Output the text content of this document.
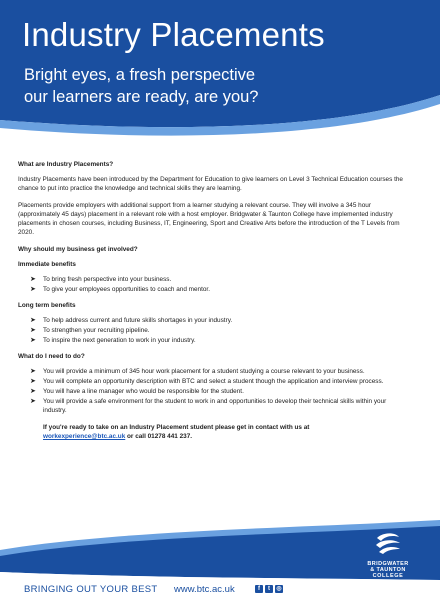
Industry Placements
Bright eyes, a fresh perspective
our learners are ready, are you?
What are Industry Placements?
Industry Placements have been introduced by the Department for Education to give learners on Level 3 Technical Education courses the chance to put into practice the knowledge and technical skills they are learning.
Placements provide employers with additional support from a learner studying a relevant course. They will involve a 345 hour (approximately 45 days) placement in a relevant role with a host employer. Bridgwater & Taunton College have implemented industry placements in chosen courses, including Business, IT, Engineering, Sport and Creative Arts before the introduction of the T Levels from 2020.
Why should my business get involved?
Immediate benefits
➤ To bring fresh perspective into your business.
➤ To give your employees opportunities to coach and mentor.
Long term benefits
➤ To help address current and future skills shortages in your industry.
➤ To strengthen your recruiting pipeline.
➤ To inspire the next generation to work in your industry.
What do I need to do?
➤ You will provide a minimum of 345 hour work placement for a student studying a course relevant to your business.
➤ You will complete an opportunity description with BTC and select a student though the application and interview process.
➤ You will have a line manager who would be responsible for the student.
➤ You will provide a safe environment for the student to work in and opportunities to develop their technical skills within your industry.
If you're ready to take on an Industry Placement student please get in contact with us at
workexperience@btc.ac.uk or call 01278 441 237.
BRIDGWATER
& TAUNTON
COLLEGE
BRINGING OUT YOUR BEST www.btc.ac.uk	f	t	◎
